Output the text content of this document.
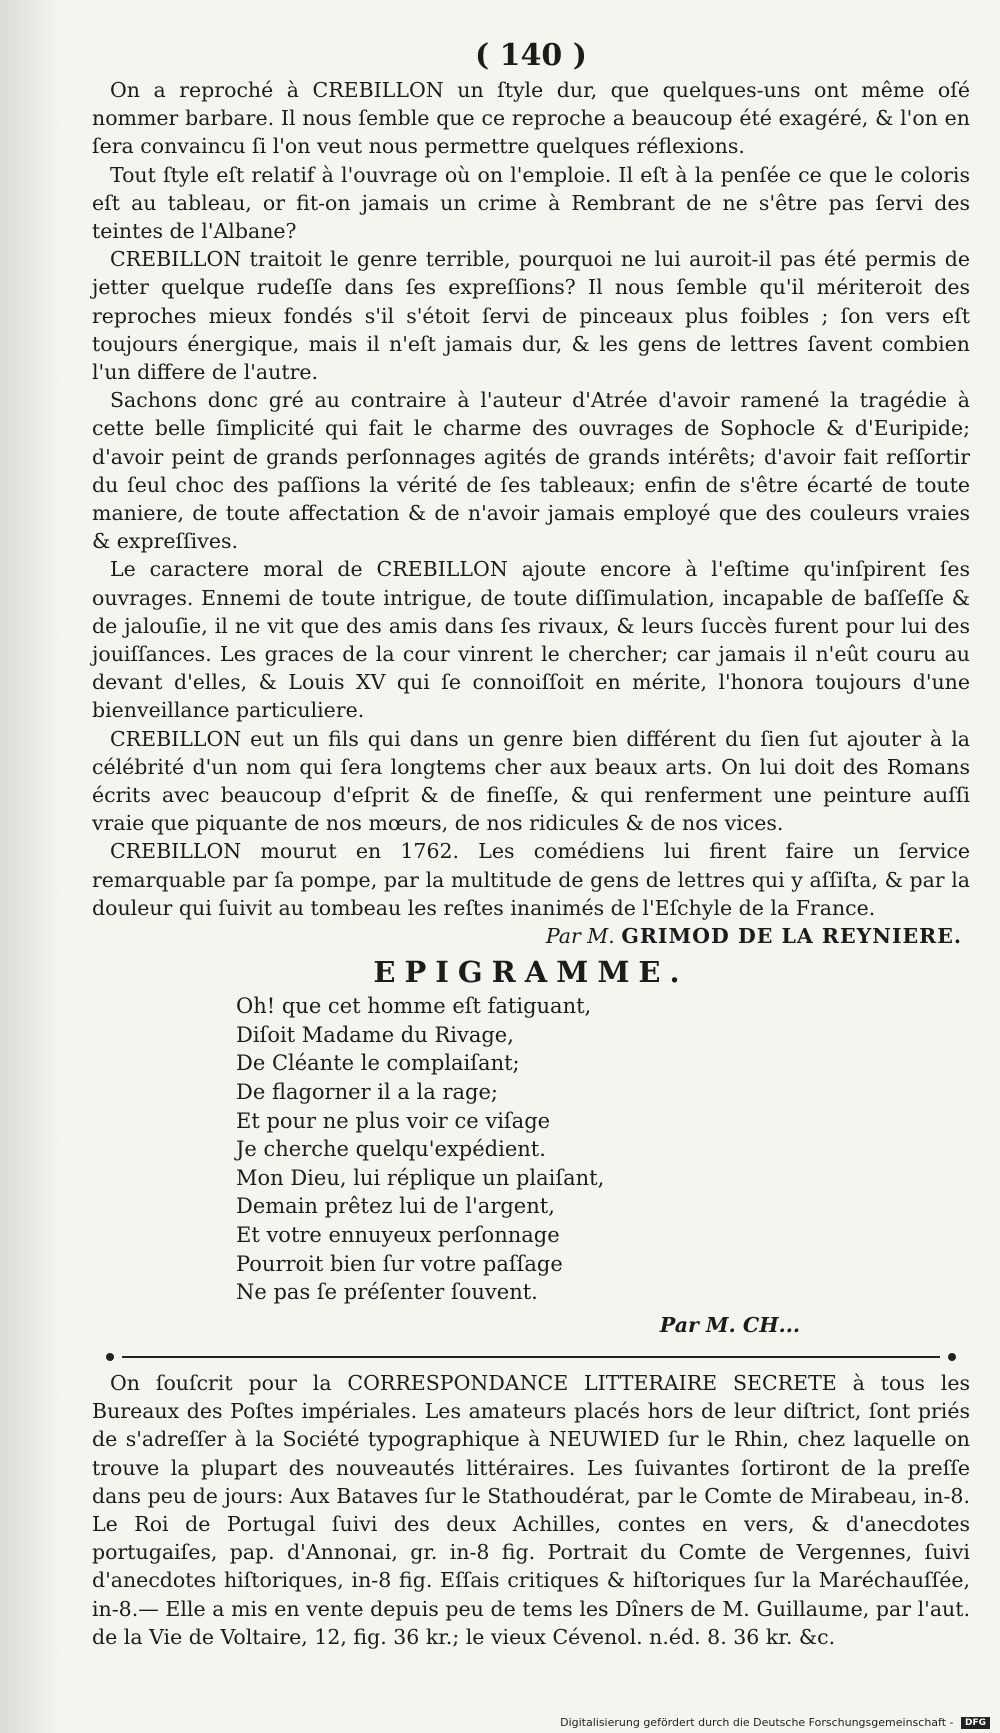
( 140 )

On a reproché à CREBILLON un ſtyle dur, que quelques-uns ont même oſé nommer barbare. Il nous ſemble que ce reproche a beaucoup été exagéré, & l'on en ſera convaincu ſi l'on veut nous permettre quelques réflexions.

Tout ſtyle eſt relatif à l'ouvrage où on l'emploie. Il eſt à la penſée ce que le coloris eſt au tableau, or fit-on jamais un crime à Rembrant de ne s'être pas ſervi des teintes de l'Albane?

CREBILLON traitoit le genre terrible, pourquoi ne lui auroit-il pas été permis de jetter quelque rudeſſe dans ſes expreſſions? Il nous ſemble qu'il mériteroit des reproches mieux fondés s'il s'étoit ſervi de pinceaux plus foibles ; ſon vers eſt toujours énergique, mais il n'eſt jamais dur, & les gens de lettres ſavent combien l'un differe de l'autre.

Sachons donc gré au contraire à l'auteur d'Atrée d'avoir ramené la tragédie à cette belle ſimplicité qui fait le charme des ouvrages de Sophocle & d'Euripide; d'avoir peint de grands perſonnages agités de grands intérêts; d'avoir fait reſſortir du ſeul choc des paſſions la vérité de ſes tableaux; enfin de s'être écarté de toute maniere, de toute affectation & de n'avoir jamais employé que des couleurs vraies & expreſſives.

Le caractere moral de CREBILLON ajoute encore à l'eſtime qu'inſpirent ſes ouvrages. Ennemi de toute intrigue, de toute diſſimulation, incapable de baſſeſſe & de jalouſie, il ne vit que des amis dans ſes rivaux, & leurs ſuccès furent pour lui des jouiſſances. Les graces de la cour vinrent le chercher; car jamais il n'eût couru au devant d'elles, & Louis XV qui ſe connoiſſoit en mérite, l'honora toujours d'une bienveillance particuliere.

CREBILLON eut un fils qui dans un genre bien différent du ſien ſut ajouter à la célébrité d'un nom qui ſera longtems cher aux beaux arts. On lui doit des Romans écrits avec beaucoup d'eſprit & de fineſſe, & qui renferment une peinture auſſi vraie que piquante de nos mœurs, de nos ridicules & de nos vices.

CREBILLON mourut en 1762. Les comédiens lui firent faire un ſervice remarquable par ſa pompe, par la multitude de gens de lettres qui y aſſiſta, & par la douleur qui ſuivit au tombeau les reſtes inanimés de l'Eſchyle de la France.

Par M. GRIMOD DE LA REYNIERE.
EPIGRAMME.
Oh! que cet homme eſt fatiguant,
Diſoit Madame du Rivage,
De Cléante le complaiſant;
De flagorner il a la rage;
Et pour ne plus voir ce viſage
Je cherche quelqu'expédient.
Mon Dieu, lui réplique un plaiſant,
Demain prêtez lui de l'argent,
Et votre ennuyeux perſonnage
Pourroit bien ſur votre paſſage
Ne pas ſe préſenter ſouvent.
Par M. CH...

On ſouſcrit pour la CORRESPONDANCE LITTERAIRE SECRETE à tous les Bureaux des Poſtes impériales. Les amateurs placés hors de leur diſtrict, ſont priés de s'adreſſer à la Société typographique à NEUWIED ſur le Rhin, chez laquelle on trouve la plupart des nouveautés littéraires. Les ſuivantes ſortiront de la preſſe dans peu de jours: Aux Bataves ſur le Stathoudérat, par le Comte de Mirabeau, in-8. Le Roi de Portugal ſuivi des deux Achilles, contes en vers, & d'anecdotes portugaiſes, pap. d'Annonai, gr. in-8 fig. Portrait du Comte de Vergennes, ſuivi d'anecdotes hiſtoriques, in-8 fig. Eſſais critiques & hiſtoriques ſur la Maréchauſſée, in-8.— Elle a mis en vente depuis peu de tems les Dîners de M. Guillaume, par l'aut. de la Vie de Voltaire, 12, fig. 36 kr.; le vieux Cévenol. n.éd. 8. 36 kr. &c.

Digitalisierung gefördert durch die Deutsche Forschungsgemeinschaft - DFG
